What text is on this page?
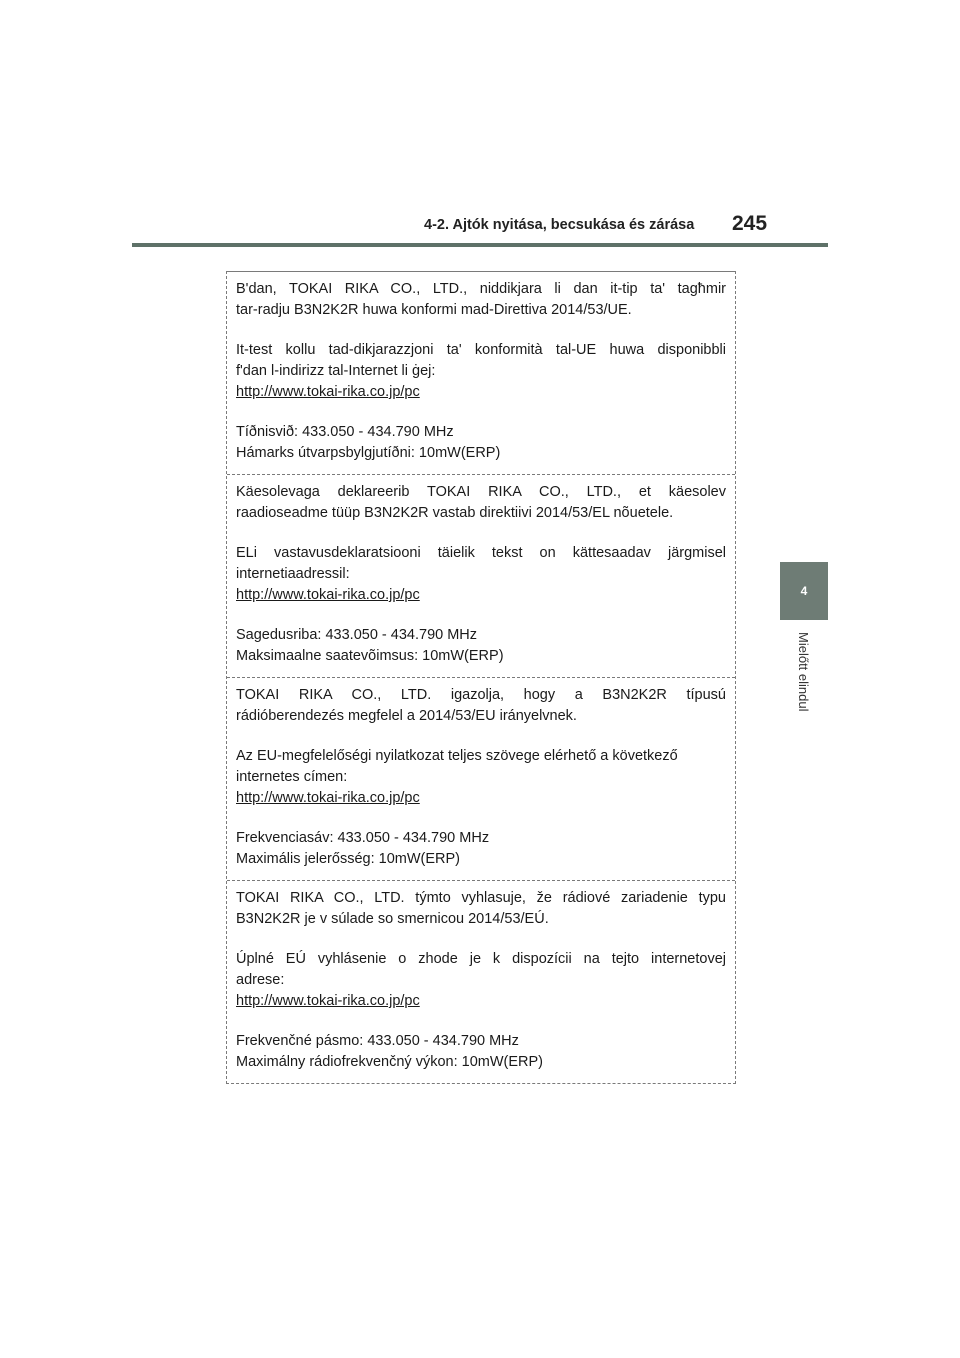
4-2. Ajtók nyitása, becsukása és zárása 245
4
Mielőtt elindul

B'dan, TOKAI RIKA CO., LTD., niddikjara li dan it-tip ta' tagħmir

tar-radju B3N2K2R huwa konformi mad-Direttiva 2014/53/UE.

It-test kollu tad-dikjarazzjoni ta' konformità tal-UE huwa disponibbli

f'dan l-indirizz tal-Internet li ġej:

http://www.tokai-rika.co.jp/pc

Tíðnisvið: 433.050 - 434.790 MHz

Hámarks útvarpsbylgjutíðni: 10mW(ERP)

Käesolevaga deklareerib TOKAI RIKA CO., LTD., et käesolev

raadioseadme tüüp B3N2K2R vastab direktiivi 2014/53/EL nõuetele.

ELi vastavusdeklaratsiooni täielik tekst on kättesaadav järgmisel

internetiaadressil:

http://www.tokai-rika.co.jp/pc

Sagedusriba: 433.050 - 434.790 MHz

Maksimaalne saatevõimsus: 10mW(ERP)

TOKAI RIKA CO., LTD. igazolja, hogy a B3N2K2R típusú

rádióberendezés megfelel a 2014/53/EU irányelvnek.

Az EU-megfelelőségi nyilatkozat teljes szövege elérhető a következő

internetes címen:

http://www.tokai-rika.co.jp/pc

Frekvenciasáv: 433.050 - 434.790 MHz

Maximális jelerősség: 10mW(ERP)

TOKAI RIKA CO., LTD. týmto vyhlasuje, že rádiové zariadenie typu

B3N2K2R je v súlade so smernicou 2014/53/EÚ.

Úplné EÚ vyhlásenie o zhode je k dispozícii na tejto internetovej

adrese:

http://www.tokai-rika.co.jp/pc

Frekvenčné pásmo: 433.050 - 434.790 MHz

Maximálny rádiofrekvenčný výkon: 10mW(ERP)
